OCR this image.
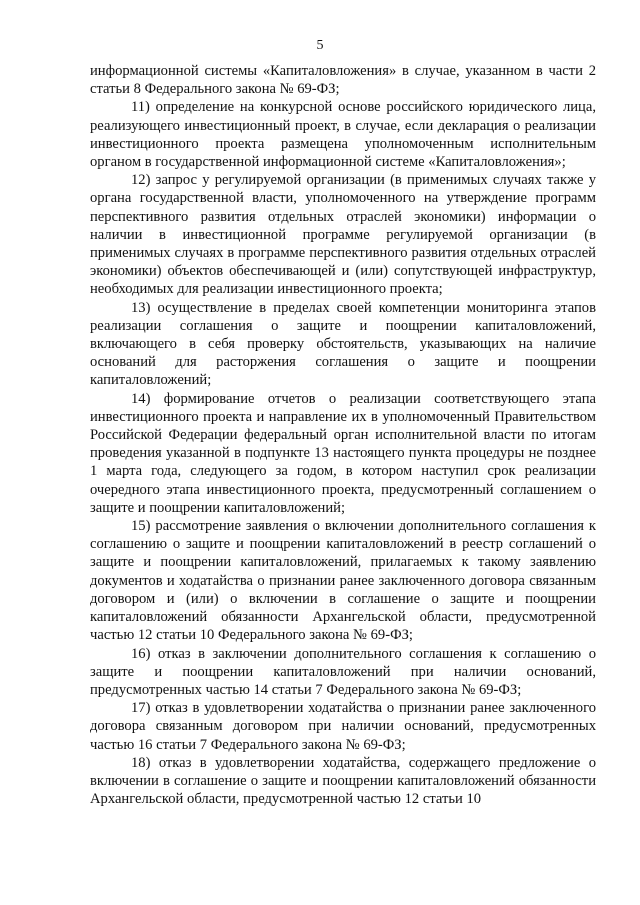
5

информационной системы «Капиталовложения» в случае, указанном в части 2 статьи 8 Федерального закона № 69-ФЗ;

11) определение на конкурсной основе российского юридического лица, реализующего инвестиционный проект, в случае, если декларация о реализации инвестиционного проекта размещена уполномоченным исполнительным органом в государственной информационной системе «Капиталовложения»;

12) запрос у регулируемой организации (в применимых случаях также у органа государственной власти, уполномоченного на утверждение программ перспективного развития отдельных отраслей экономики) информации о наличии в инвестиционной программе регулируемой организации (в применимых случаях в программе перспективного развития отдельных отраслей экономики) объектов обеспечивающей и (или) сопутствующей инфраструктур, необходимых для реализации инвестиционного проекта;

13) осуществление в пределах своей компетенции мониторинга этапов реализации соглашения о защите и поощрении капиталовложений, включающего в себя проверку обстоятельств, указывающих на наличие оснований для расторжения соглашения о защите и поощрении капиталовложений;

14) формирование отчетов о реализации соответствующего этапа инвестиционного проекта и направление их в уполномоченный Правительством Российской Федерации федеральный орган исполнительной власти по итогам проведения указанной в подпункте 13 настоящего пункта процедуры не позднее 1 марта года, следующего за годом, в котором наступил срок реализации очередного этапа инвестиционного проекта, предусмотренный соглашением о защите и поощрении капиталовложений;

15) рассмотрение заявления о включении дополнительного соглашения к соглашению о защите и поощрении капиталовложений в реестр соглашений о защите и поощрении капиталовложений, прилагаемых к такому заявлению документов и ходатайства о признании ранее заключенного договора связанным договором и (или) о включении в соглашение о защите и поощрении капиталовложений обязанности Архангельской области, предусмотренной частью 12 статьи 10 Федерального закона № 69-ФЗ;

16) отказ в заключении дополнительного соглашения к соглашению о защите и поощрении капиталовложений при наличии оснований, предусмотренных частью 14 статьи 7 Федерального закона № 69-ФЗ;

17) отказ в удовлетворении ходатайства о признании ранее заключенного договора связанным договором при наличии оснований, предусмотренных частью 16 статьи 7 Федерального закона № 69-ФЗ;

18) отказ в удовлетворении ходатайства, содержащего предложение о включении в соглашение о защите и поощрении капиталовложений обязанности Архангельской области, предусмотренной частью 12 статьи 10
